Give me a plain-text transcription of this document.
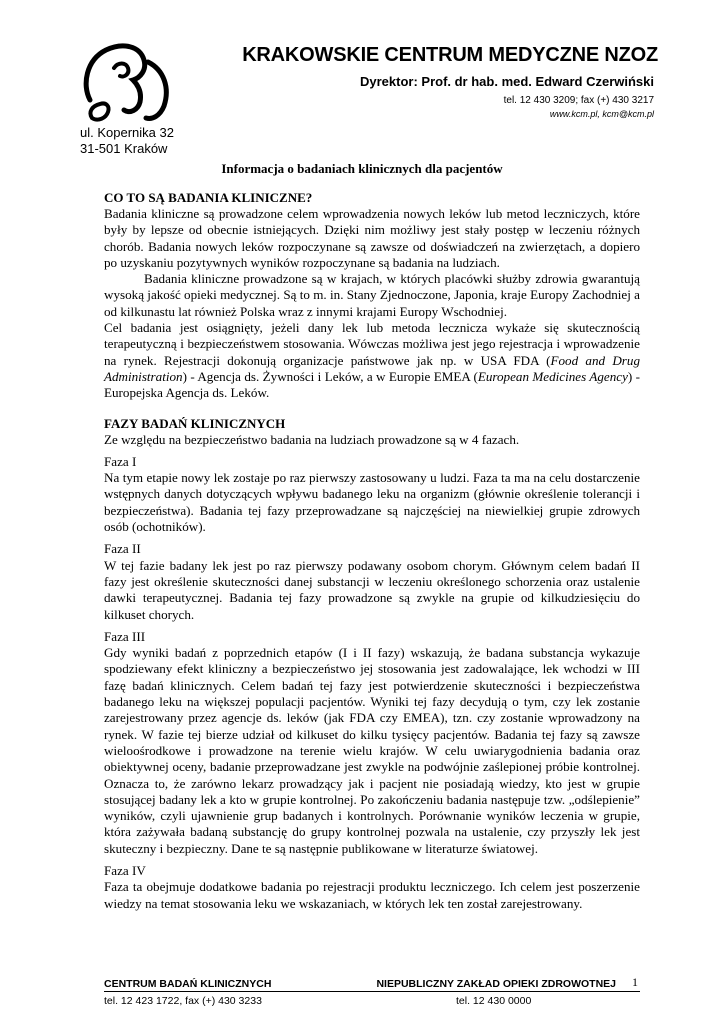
KRAKOWSKIE CENTRUM MEDYCZNE NZOZ
Dyrektor: Prof. dr hab. med. Edward Czerwiński
tel. 12 430 3209; fax (+) 430 3217
www.kcm.pl, kcm@kcm.pl
ul. Kopernika 32
31-501 Kraków
Informacja o badaniach klinicznych dla pacjentów
CO TO SĄ BADANIA KLINICZNE?

Badania kliniczne są prowadzone celem wprowadzenia nowych leków lub metod leczniczych, które były by lepsze od obecnie istniejących. Dzięki nim możliwy jest stały postęp w leczeniu różnych chorób. Badania nowych leków rozpoczynane są zawsze od doświadczeń na zwierzętach, a dopiero po uzyskaniu pozytywnych wyników rozpoczynane są badania na ludziach.

Badania kliniczne prowadzone są w krajach, w których placówki służby zdrowia gwarantują wysoką jakość opieki medycznej. Są to m. in. Stany Zjednoczone, Japonia, kraje Europy Zachodniej a od kilkunastu lat również Polska wraz z innymi krajami Europy Wschodniej.

Cel badania jest osiągnięty, jeżeli dany lek lub metoda lecznicza wykaże się skutecznością terapeutyczną i bezpieczeństwem stosowania. Wówczas możliwa jest jego rejestracja i wprowadzenie na rynek. Rejestracji dokonują organizacje państwowe jak np. w USA FDA (Food and Drug Administration) - Agencja ds. Żywności i Leków, a w Europie EMEA (European Medicines Agency) - Europejska Agencja ds. Leków.

FAZY BADAŃ KLINICZNYCH

Ze względu na bezpieczeństwo badania na ludziach prowadzone są w 4 fazach.

Faza I

Na tym etapie nowy lek zostaje po raz pierwszy zastosowany u ludzi. Faza ta ma na celu dostarczenie wstępnych danych dotyczących wpływu badanego leku na organizm (głównie określenie tolerancji i bezpieczeństwa). Badania tej fazy przeprowadzane są najczęściej na niewielkiej grupie zdrowych osób (ochotników).

Faza II

W tej fazie badany lek jest po raz pierwszy podawany osobom chorym. Głównym celem badań II fazy jest określenie skuteczności danej substancji w leczeniu określonego schorzenia oraz ustalenie dawki terapeutycznej. Badania tej fazy prowadzone są zwykle na grupie od kilkudziesięciu do kilkuset chorych.

Faza III

Gdy wyniki badań z poprzednich etapów (I i II fazy) wskazują, że badana substancja wykazuje spodziewany efekt kliniczny a bezpieczeństwo jej stosowania jest zadowalające, lek wchodzi w III fazę badań klinicznych. Celem badań tej fazy jest potwierdzenie skuteczności i bezpieczeństwa badanego leku na większej populacji pacjentów. Wyniki tej fazy decydują o tym, czy lek zostanie zarejestrowany przez agencje ds. leków (jak FDA czy EMEA), tzn. czy zostanie wprowadzony na rynek. W fazie tej bierze udział od kilkuset do kilku tysięcy pacjentów. Badania tej fazy są zawsze wieloośrodkowe i prowadzone na terenie wielu krajów. W celu uwiarygodnienia badania oraz obiektywnej oceny, badanie przeprowadzane jest zwykle na podwójnie zaślepionej próbie kontrolnej. Oznacza to, że zarówno lekarz prowadzący jak i pacjent nie posiadają wiedzy, kto jest w grupie stosującej badany lek a kto w grupie kontrolnej. Po zakończeniu badania następuje tzw. „odślepienie” wyników, czyli ujawnienie grup badanych i kontrolnych. Porównanie wyników leczenia w grupie, która zażywała badaną substancję do grupy kontrolnej pozwala na ustalenie, czy przyszły lek jest skuteczny i bezpieczny. Dane te są następnie publikowane w literaturze światowej.

Faza IV

Faza ta obejmuje dodatkowe badania po rejestracji produktu leczniczego. Ich celem jest poszerzenie wiedzy na temat stosowania leku we wskazaniach, w których lek ten został zarejestrowany.

CENTRUM BADAŃ KLINICZNYCH	NIEPUBLICZNY ZAKŁAD OPIEKI ZDROWOTNEJ 1
tel. 12 423 1722, fax (+) 430 3233	tel. 12 430 0000
